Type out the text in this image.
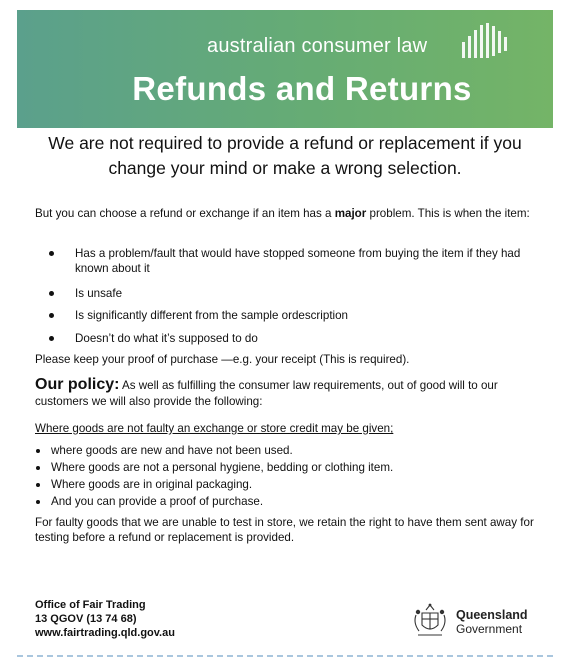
australian consumer law
Refunds and Returns
We are not required to provide a refund or replacement if you change your mind or make a wrong selection.
But you can choose a refund or exchange if an item has a major problem. This is when the item:
Has a problem/fault that would have stopped someone from buying the item if they had known about it
Is unsafe
Is significantly different from the sample ordescription
Doesn’t do what it’s supposed to do
Please keep your proof of purchase —e.g. your receipt (This is required).
Our policy: As well as fulfilling the consumer law requirements, out of good will to our customers we will also provide the following:
Where goods are not faulty an exchange or store credit may be given;
where goods are new and have not been used.
Where goods are not a personal hygiene, bedding or clothing item.
Where goods are in original packaging.
And you can provide a proof of purchase.
For faulty goods that we are unable to test in store, we retain the right to have them sent away for testing before a refund or replacement is provided.
Office of Fair Trading
13 QGOV (13 74 68)
www.fairtrading.qld.gov.au
Queensland
Government
